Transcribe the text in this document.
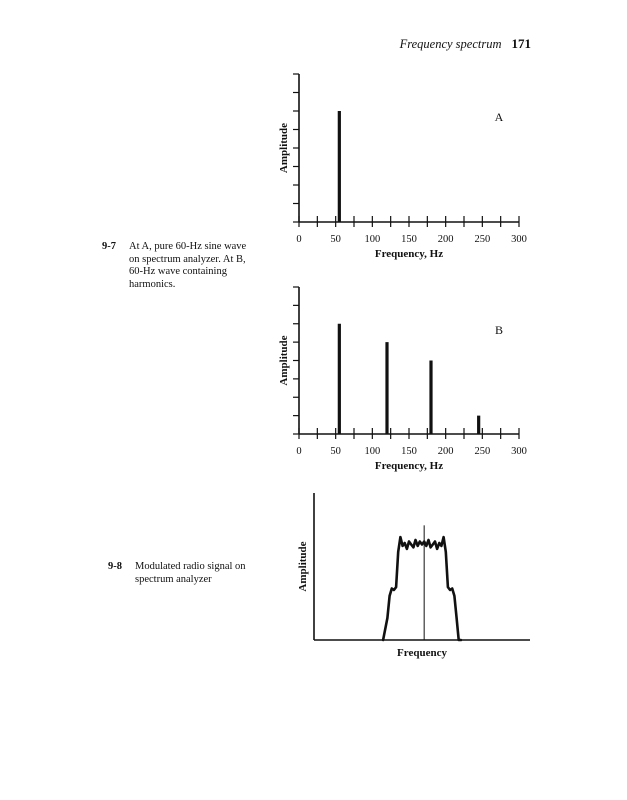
Frequency spectrum 171
9-7 At A, pure 60-Hz sine wave on spectrum analyzer. At B, 60-Hz wave containing harmonics.
9-8 Modulated radio signal on spectrum analyzer
0	50 100 150 200 250 300
Frequency, Hz
Amplitude
A
0	50 100 150 200 250 300
Frequency, Hz
Amplitude
B
Frequency
Amplitude
